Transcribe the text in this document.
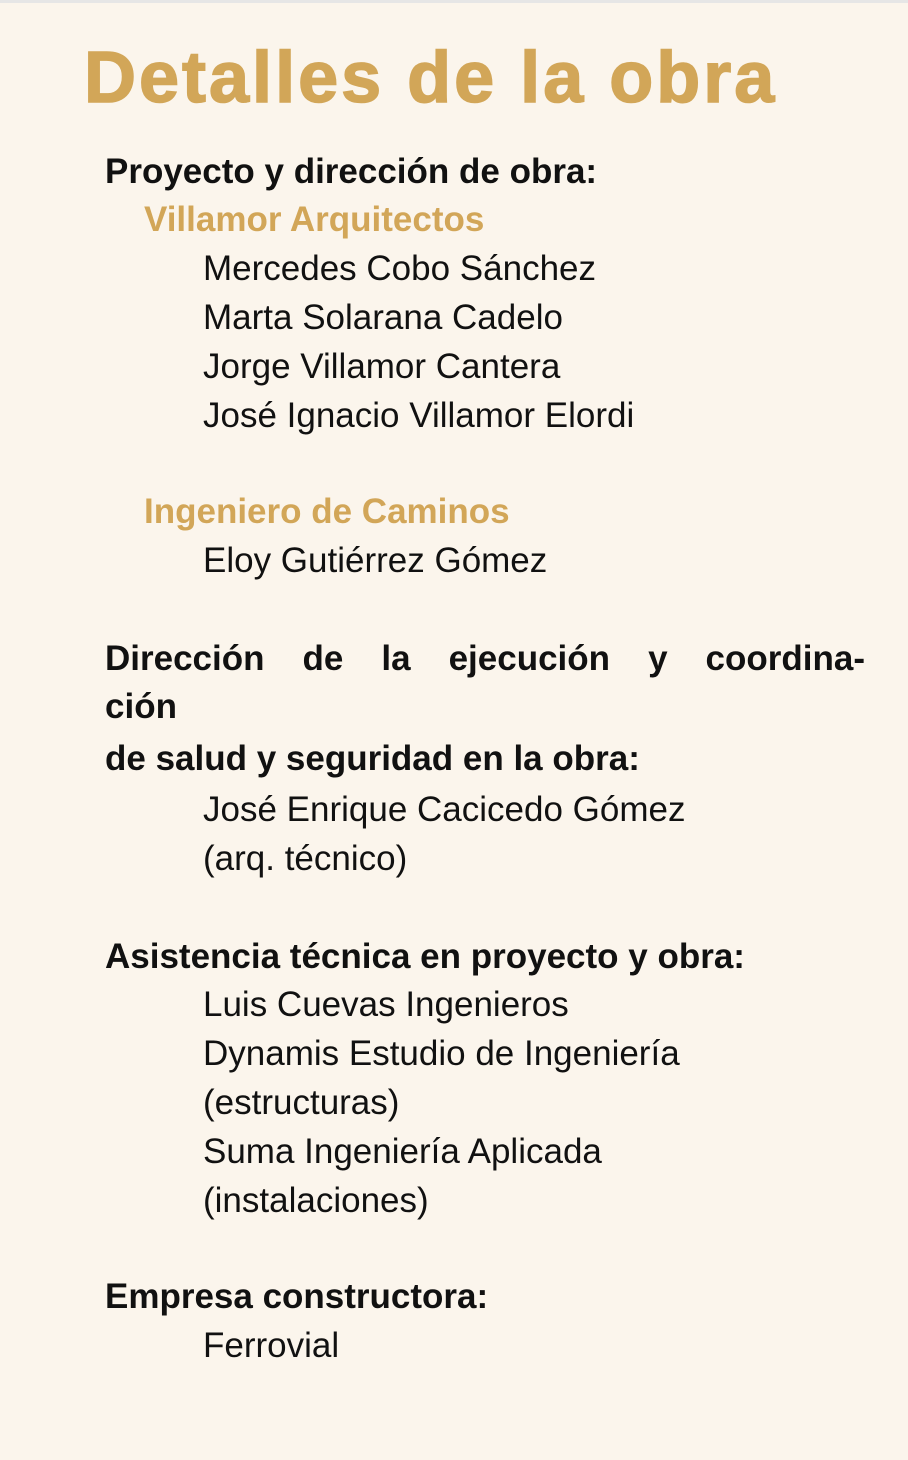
Detalles de la obra
Proyecto y dirección de obra:
Villamor Arquitectos
Mercedes Cobo Sánchez
Marta Solarana Cadelo
Jorge Villamor Cantera
José Ignacio Villamor Elordi
Ingeniero de Caminos
Eloy Gutiérrez Gómez
Dirección de la ejecución y coordina-
ción
de salud y seguridad en la obra:
José Enrique Cacicedo Gómez
(arq. técnico)
Asistencia técnica en proyecto y obra:
Luis Cuevas Ingenieros
Dynamis Estudio de Ingeniería
(estructuras)
Suma Ingeniería Aplicada
(instalaciones)
Empresa constructora:
Ferrovial
